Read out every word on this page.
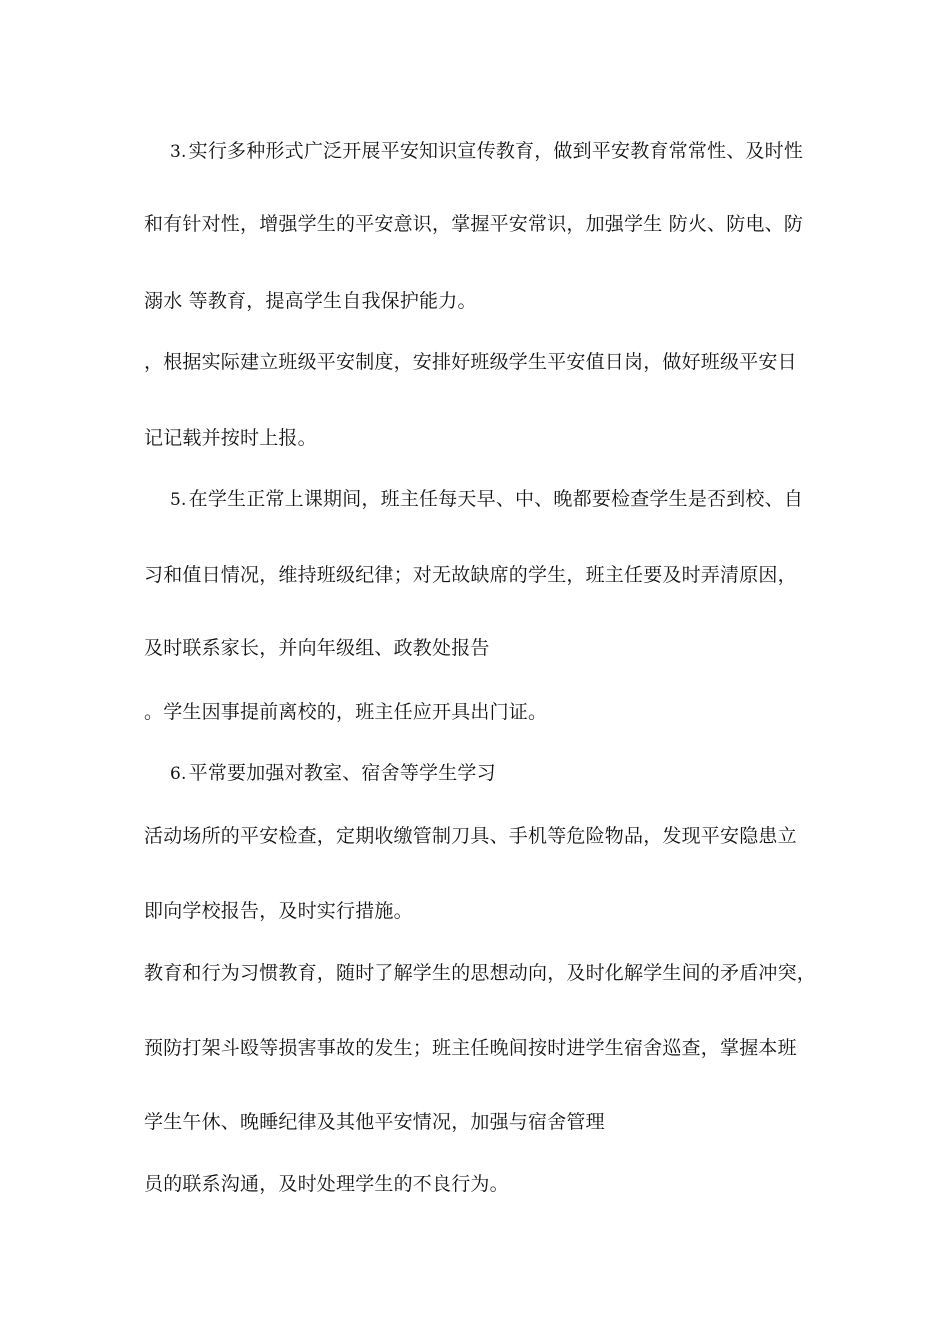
3. 实行多种形式广泛开展平安知识宣传教育，做到平安教育常常性、及时性
和有针对性，增强学生的平安意识，掌握平安常识，加强学生 防火、防电、防
溺水 等教育，提高学生自我保护能力。
，根据实际建立班级平安制度，安排好班级学生平安值日岗，做好班级平安日
记记载并按时上报。
5. 在学生正常上课期间，班主任每天早、中、晚都要检查学生是否到校、自
习和值日情况，维持班级纪律；对无故缺席的学生，班主任要及时弄清原因，
及时联系家长，并向年级组、政教处报告
。学生因事提前离校的，班主任应开具出门证。
6. 平常要加强对教室、宿舍等学生学习
活动场所的平安检查，定期收缴管制刀具、手机等危险物品，发现平安隐患立
即向学校报告，及时实行措施。
教育和行为习惯教育，随时了解学生的思想动向，及时化解学生间的矛盾冲突，
预防打架斗殴等损害事故的发生；班主任晚间按时进学生宿舍巡查，掌握本班
学生午休、晚睡纪律及其他平安情况，加强与宿舍管理
员的联系沟通，及时处理学生的不良行为。
